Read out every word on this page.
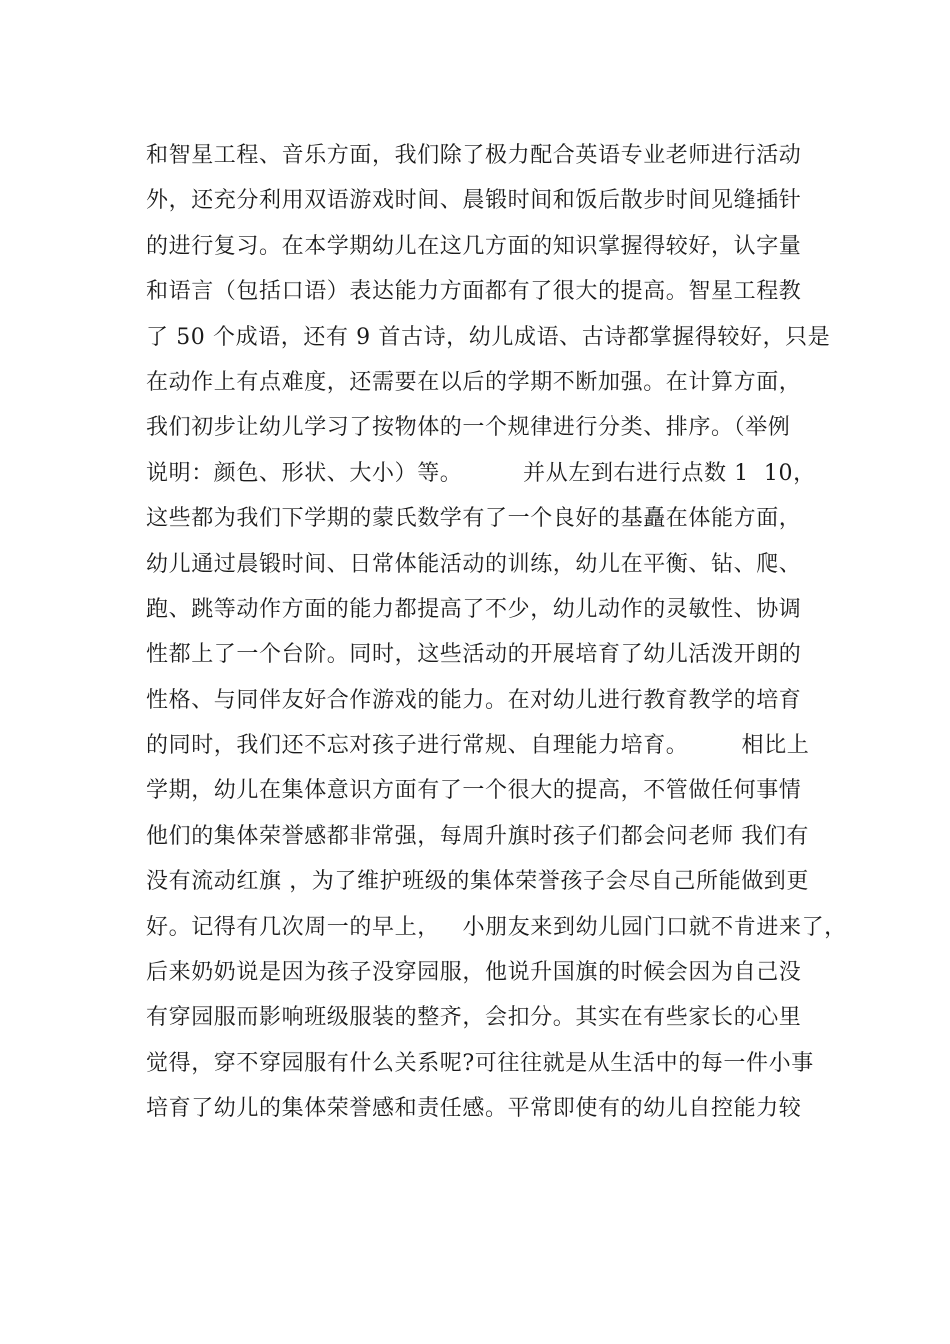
和智星工程、音乐方面，我们除了极力配合英语专业老师进行活动
外，还充分利用双语游戏时间、晨锻时间和饭后散步时间见缝插针
的进行复习。在本学期幼儿在这几方面的知识掌握得较好，认字量
和语言（包括口语）表达能力方面都有了很大的提高。智星工程教
了 50 个成语，还有 9 首古诗，幼儿成语、古诗都掌握得较好，只是
在动作上有点难度，还需要在以后的学期不断加强。在计算方面，
我们初步让幼儿学习了按物体的一个规律进行分类、排序。（举例
说明：颜色、形状、大小）等。        并从左到右进行点数 1  10，
这些都为我们下学期的蒙氏数学有了一个良好的基矗在体能方面，
幼儿通过晨锻时间、日常体能活动的训练，幼儿在平衡、钻、爬、
跑、跳等动作方面的能力都提高了不少，幼儿动作的灵敏性、协调
性都上了一个台阶。同时，这些活动的开展培育了幼儿活泼开朗的
性格、与同伴友好合作游戏的能力。在对幼儿进行教育教学的培育
的同时，我们还不忘对孩子进行常规、自理能力培育。       相比上
学期，幼儿在集体意识方面有了一个很大的提高，不管做任何事情
他们的集体荣誉感都非常强，每周升旗时孩子们都会问老师 我们有
没有流动红旗 ，为了维护班级的集体荣誉孩子会尽自己所能做到更
好。记得有几次周一的早上，   小朋友来到幼儿园门口就不肯进来了，
后来奶奶说是因为孩子没穿园服，他说升国旗的时候会因为自己没
有穿园服而影响班级服装的整齐，会扣分。其实在有些家长的心里
觉得，穿不穿园服有什么关系呢?可往往就是从生活中的每一件小事
培育了幼儿的集体荣誉感和责任感。平常即使有的幼儿自控能力较
